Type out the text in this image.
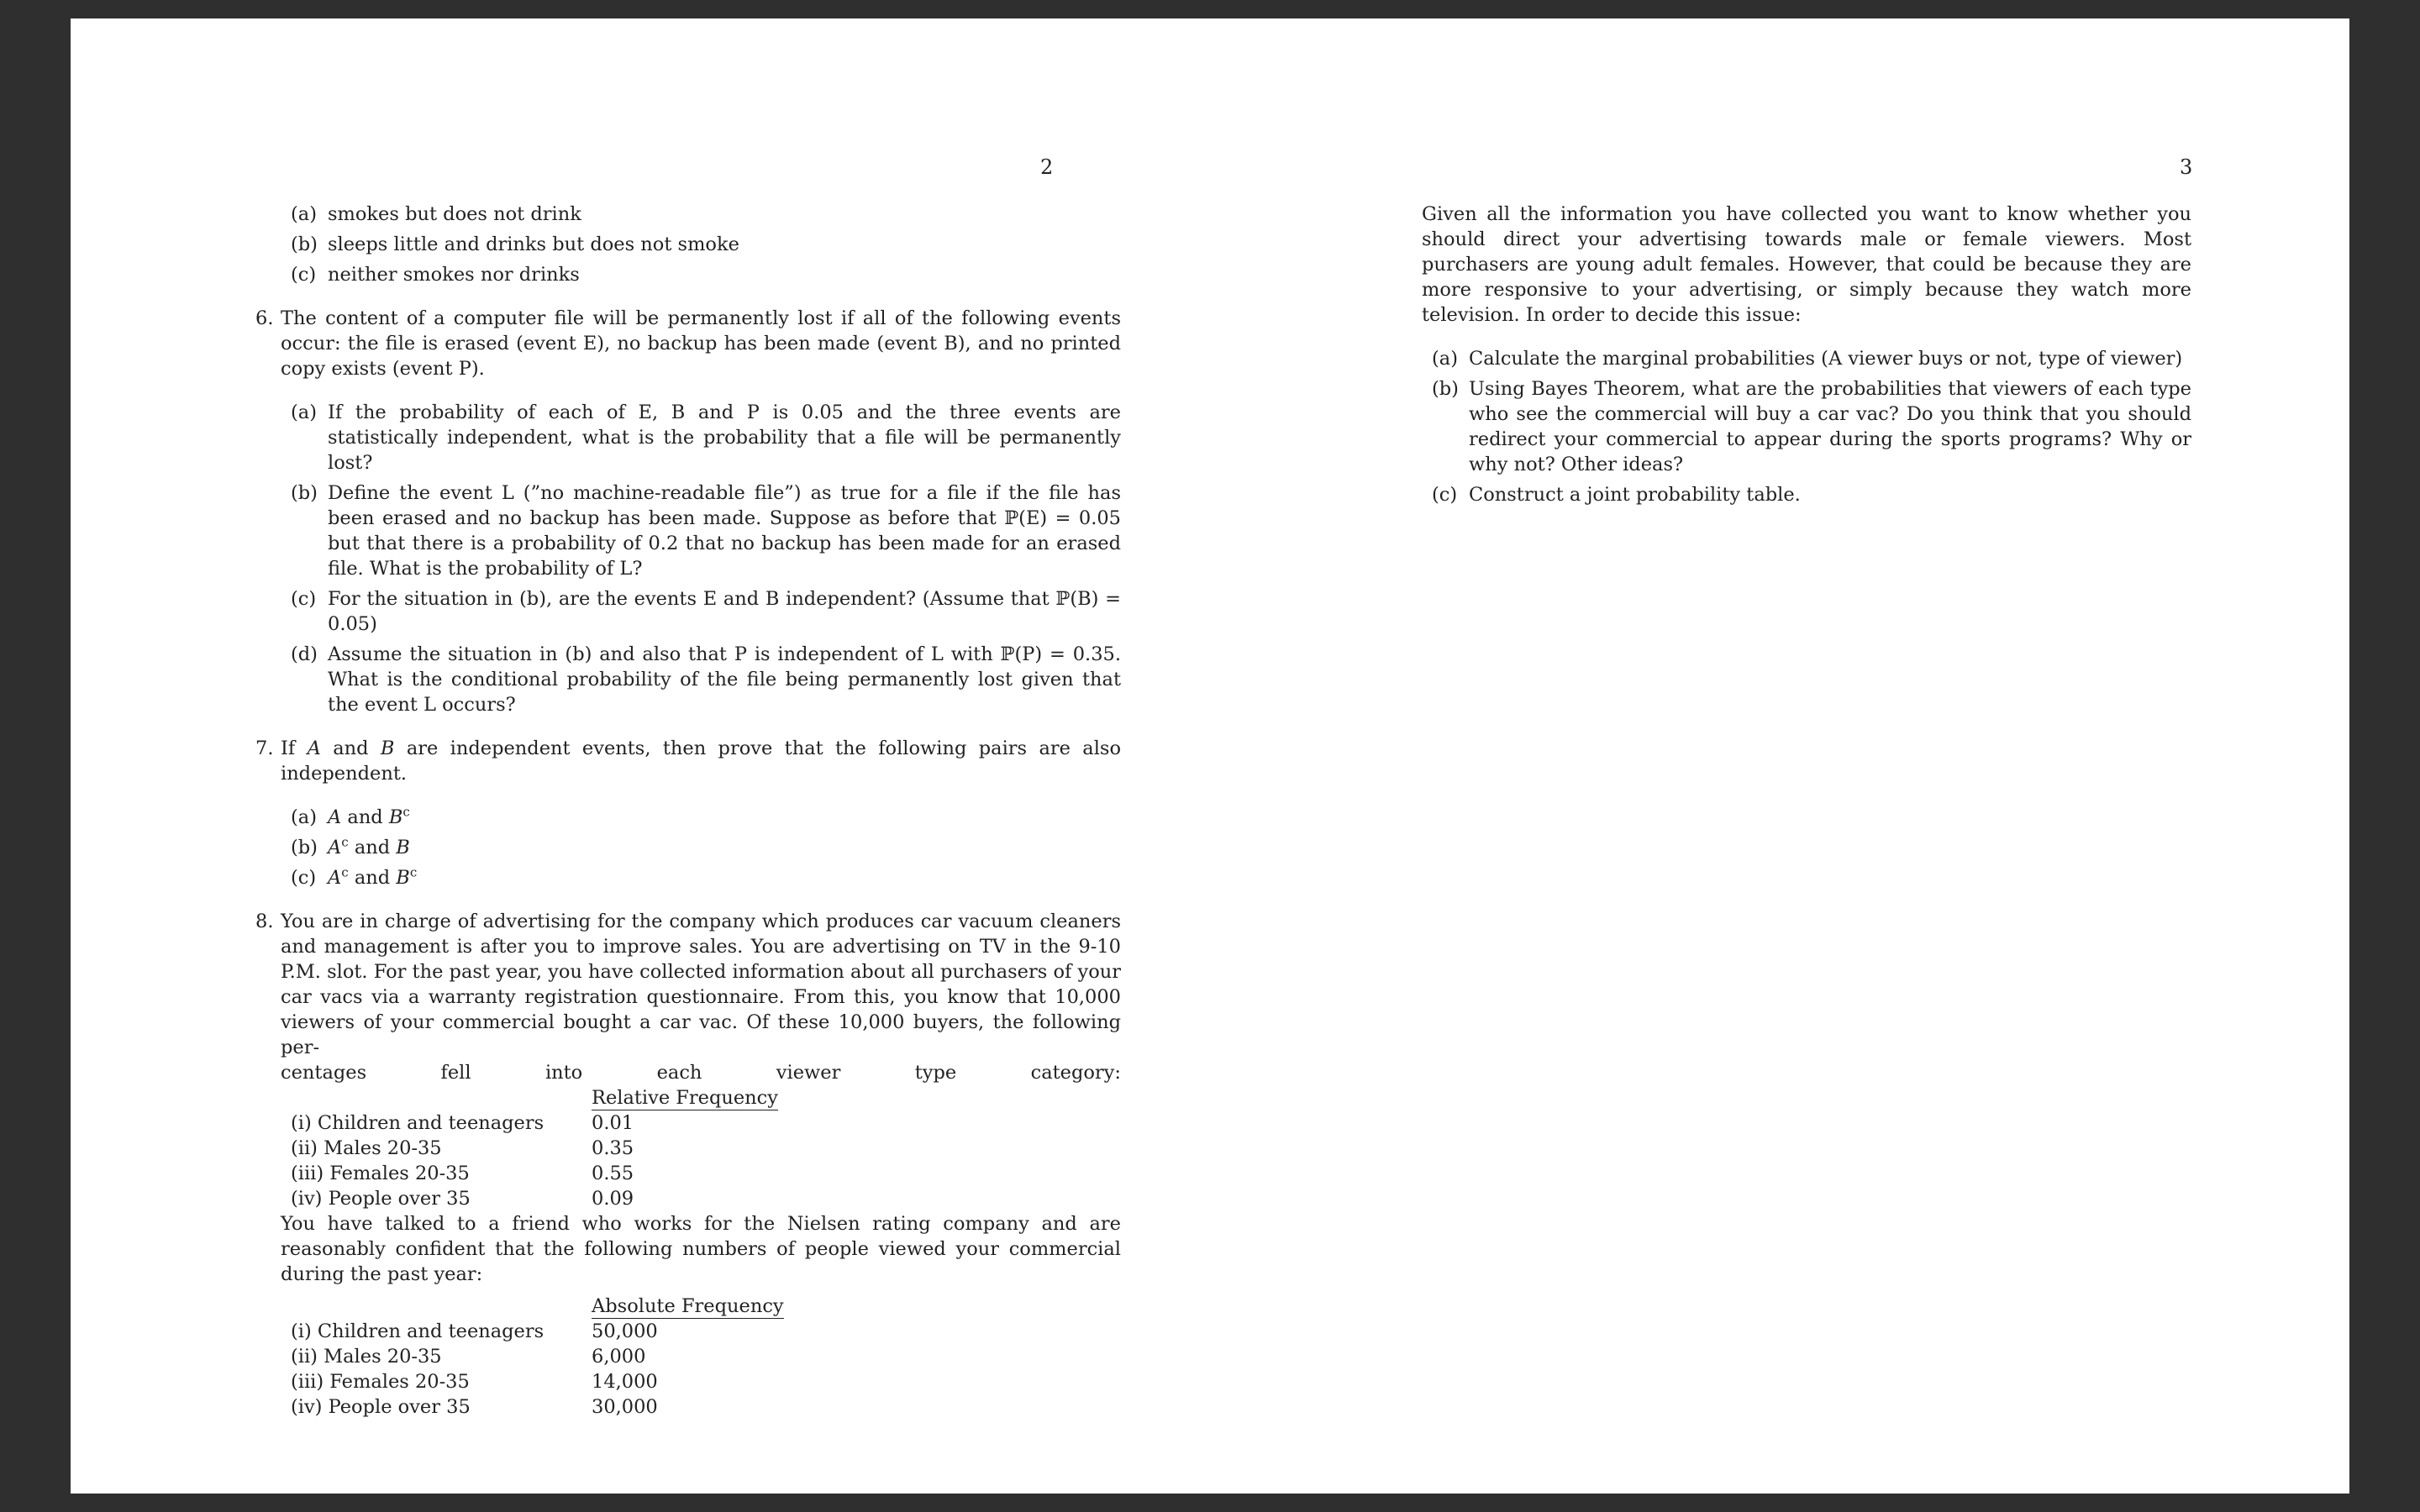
2
(a) smokes but does not drink
(b) sleeps little and drinks but does not smoke
(c) neither smokes nor drinks
6. The content of a computer file will be permanently lost if all of the following events occur: the file is erased (event E), no backup has been made (event B), and no printed copy exists (event P).

(a) If the probability of each of E, B and P is 0.05 and the three events are statistically independent, what is the probability that a file will be permanently lost?
(b) Define the event L (”no machine-readable file”) as true for a file if the file has been erased and no backup has been made. Suppose as before that ℙ(E) = 0.05 but that there is a probability of 0.2 that no backup has been made for an erased file. What is the probability of L?
(c) For the situation in (b), are the events E and B independent? (Assume that ℙ(B) = 0.05)
(d) Assume the situation in (b) and also that P is independent of L with ℙ(P) = 0.35. What is the conditional probability of the file being permanently lost given that the event L occurs?
7. If A and B are independent events, then prove that the following pairs are also independent.

(a) A and $B^c$
(b) $A^c$ and B
(c) $A^c$ and $B^c$
8. You are in charge of advertising for the company which produces car vacuum cleaners and management is after you to improve sales. You are advertising on TV in the 9-10 P.M. slot. For the past year, you have collected information about all purchasers of your car vacs via a warranty registration questionnaire. From this, you know that 10,000 viewers of your commercial bought a car vac. Of these 10,000 buyers, the following per-

centages	fell	into	each	viewer	type	category:
Relative Frequency
(i) Children and teenagers	0.01
(ii) Males 20-35	0.35
(iii) Females 20-35	0.55
(iv) People over 35	0.09

You have talked to a friend who works for the Nielsen rating company and are reasonably confident that the following numbers of people viewed your commercial during the past year:

Absolute Frequency
(i) Children and teenagers	50,000
(ii) Males 20-35	6,000
(iii) Females 20-35	14,000
(iv) People over 35	30,000
3

Given all the information you have collected you want to know whether you should direct your advertising towards male or female viewers. Most purchasers are young adult females. However, that could be because they are more responsive to your advertising, or simply because they watch more television. In order to decide this issue:

(a) Calculate the marginal probabilities (A viewer buys or not, type of viewer)
(b) Using Bayes Theorem, what are the probabilities that viewers of each type who see the commercial will buy a car vac? Do you think that you should redirect your commercial to appear during the sports programs? Why or why not? Other ideas?
(c) Construct a joint probability table.
